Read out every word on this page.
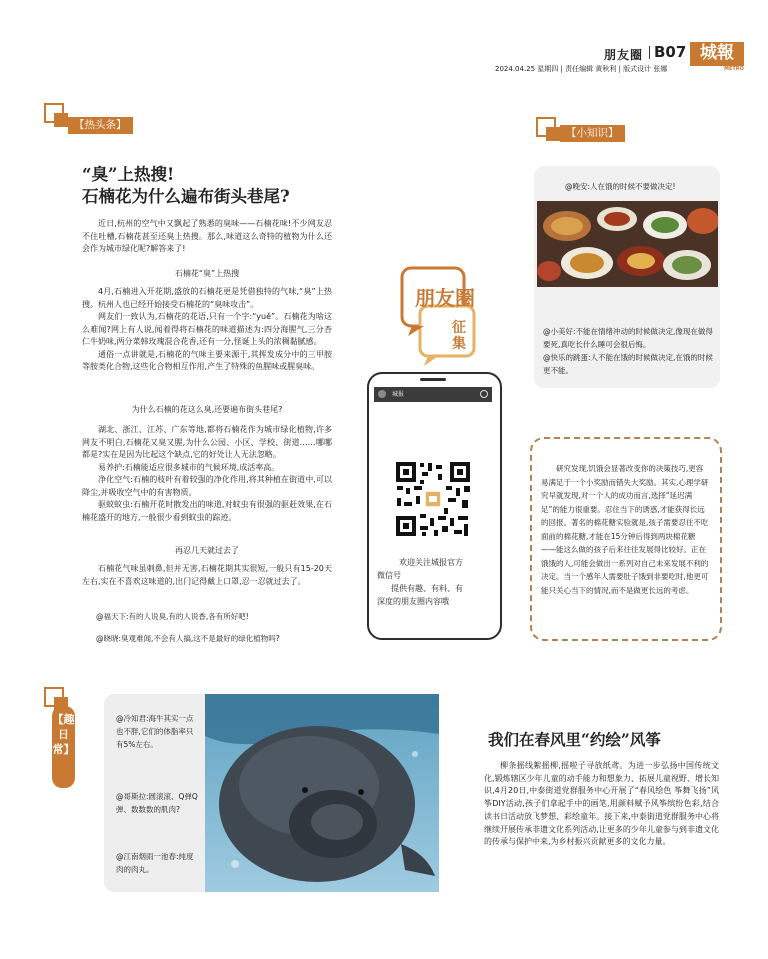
朋友圈 B07 城報
METRO
2024.04.25 星期四 | 责任编辑 黄秋利 | 版式设计 张娜
【热头条】
“臭”上热搜!
石楠花为什么遍布街头巷尾?

近日,杭州的空气中又飘起了熟悉的臭味——石楠花味!不少网友忍不住吐槽,石楠花甚至还臭上热搜。那么,味道这么奇特的植物为什么还会作为城市绿化呢?解答来了!

石楠花“臭”上热搜

4月,石楠进入开花期,盛放的石楠花更是凭借独特的气味,“臭”上热搜。杭州人也已经开始接受石楠花的“臭味攻击”。

网友们一致认为,石楠花的花语,只有一个字:“yuě”。石楠花为啥这么难闻?网上有人说,闻着得将石楠花的味道描述为:四分海腥气,三分杏仁牛奶味,两分菜韩玫瑰混合花香,还有一分,怪诞上头的浓稠黏腻感。

通俗一点讲就是,石楠花的气味主要来源于,其挥发成分中的三甲胺等胺类化合物,这些化合物相互作用,产生了特殊的鱼腥味或腥臭味。

为什么石楠的花这么臭,还要遍布街头巷尾?

湖北、浙江、江苏、广东等地,都将石楠花作为城市绿化植物,许多网友不明白,石楠花又臭又腥,为什么公园、小区、学校、街道……哪哪都是?实在是因为比起这个缺点,它的好处让人无法忽略。

易养护:石楠能适应很多城市的气候环境,成活率高。

净化空气:石楠的枝叶有着较强的净化作用,将其种植在街道中,可以降尘,并吸收空气中的有害物质。

驱蚊蚊虫:石楠开花时散发出的味道,对蚊虫有很强的驱赶效果,在石楠花盛开的地方,一般很少看到蚊虫的踪迹。

再忍几天就过去了

石楠花气味虽刺鼻,但并无害,石楠花期其实很短,一般只有15-20天左右,实在不喜欢这味道的,出门记得戴上口罩,忍一忍就过去了。

@福天下:有的人说臭,有的人说香,各有所好吧!
@晓晓:臭观难闻,不会有人搞,这不是最好的绿化植物吗?
朋友圈
征集
城报
欢迎关注城报官方
微信号
提供有趣、有料、有
深度的朋友圈内容哦
【小知识】
@晚安:人在饿的时候不要做决定!
@小美好:不能在情绪冲动的时候做决定,像现在做得要死,真吃长什么睡可会很后悔。
@快乐的跳蛋:人不能在饿的时候做决定,在饿的时候更不能。

研究发现,饥饿会显著改变你的决策技巧,更容易满足于一个小奖励而错失大奖励。其实,心理学研究早就发现,对一个人的成功而言,选择“延迟满足”的能力很重要。忍住当下的诱惑,才能获得长远的回报。著名的棉花糖实验就是,孩子需要忍住不吃面前的棉花糖,才能在15分钟后得到两块棉花糖——能这么做的孩子后来往往发展得比较好。正在饿饿的人,可能会做出一系列对自己未来发展不利的决定。当一个感年人需要肚子饿到非要吃时,他更可能只关心当下的情况,而不是做更长远的考虑。

【趣日常】
@冷知君:海牛其实一点也不胖,它们的体脂率只有5%左右。
@哥斯拉:圆滚滚、Q弹Q弹、数数数的肌肉?
@江南烟雨一池春:纯度肉的肉丸。
我们在春风里“约绘”风筝
柳条摇线絮摇柳,摇啦子寻放纸鸢。为进一步弘扬中国传统文化,锻炼辖区少年儿童的动手能力和想象力、拓展儿童视野、增长知识,4月20日,中泰街道党群服务中心开展了“春风绘色 筝舞飞扬”风筝DIY活动,孩子们拿起手中的画笔,用颜料赋予风筝缤纷色彩,结合读书日活动放飞梦想、彩绘童年。接下来,中泰街道党群服务中心将继续开展传承非遗文化系列活动,让更多的少年儿童参与到非遗文化的传承与保护中来,为乡村振兴贡献更多的文化力量。
